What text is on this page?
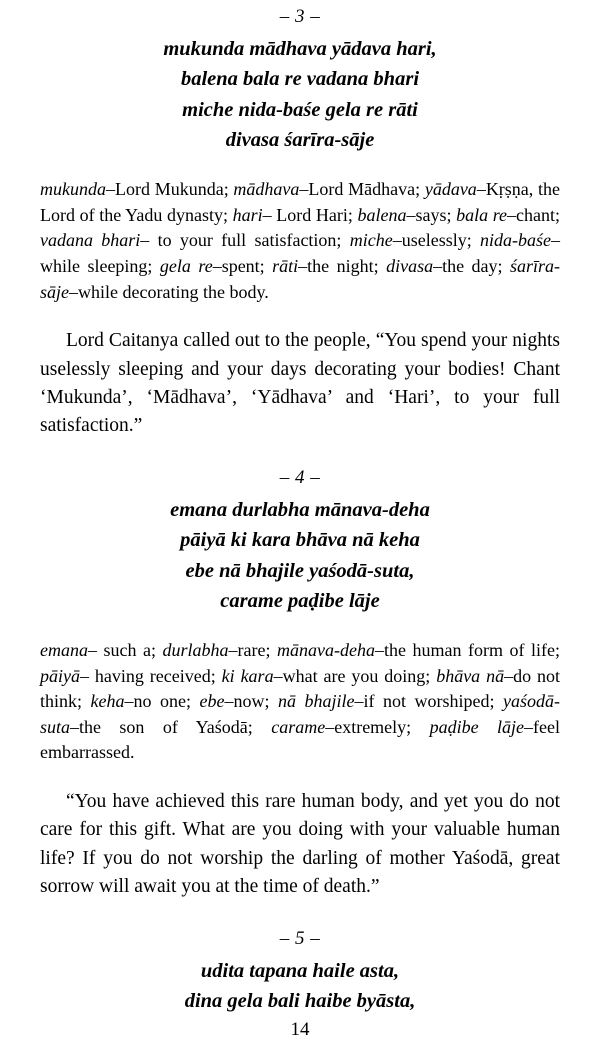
– 3 –
mukunda mādhava yādava hari,
balena bala re vadana bhari
miche nida-baśe gela re rāti
divasa śarīra-sāje
mukunda–Lord Mukunda; mādhava–Lord Mādhava; yādava–Kṛṣṇa, the Lord of the Yadu dynasty; hari– Lord Hari; balena–says; bala re–chant; vadana bhari– to your full satisfaction; miche–uselessly; nida-baśe–while sleeping; gela re–spent; rāti–the night; divasa–the day; śarīra-sāje–while decorating the body.
Lord Caitanya called out to the people, “You spend your nights uselessly sleeping and your days decorating your bodies! Chant ‘Mukunda’, ‘Mādhava’, ‘Yādhava’ and ‘Hari’, to your full satisfaction.”
– 4 –
emana durlabha mānava-deha
pāiyā ki kara bhāva nā keha
ebe nā bhajile yaśodā-suta,
carame paḍibe lāje
emana– such a; durlabha–rare; mānava-deha–the human form of life; pāiyā– having received; ki kara–what are you doing; bhāva nā–do not think; keha–no one; ebe–now; nā bhajile–if not worshiped; yaśodā-suta–the son of Yaśodā; carame–extremely; paḍibe lāje–feel embarrassed.
“You have achieved this rare human body, and yet you do not care for this gift. What are you doing with your valuable human life? If you do not worship the darling of mother Yaśodā, great sorrow will await you at the time of death.”
– 5 –
udita tapana haile asta,
dina gela bali haibe byāsta,
14
